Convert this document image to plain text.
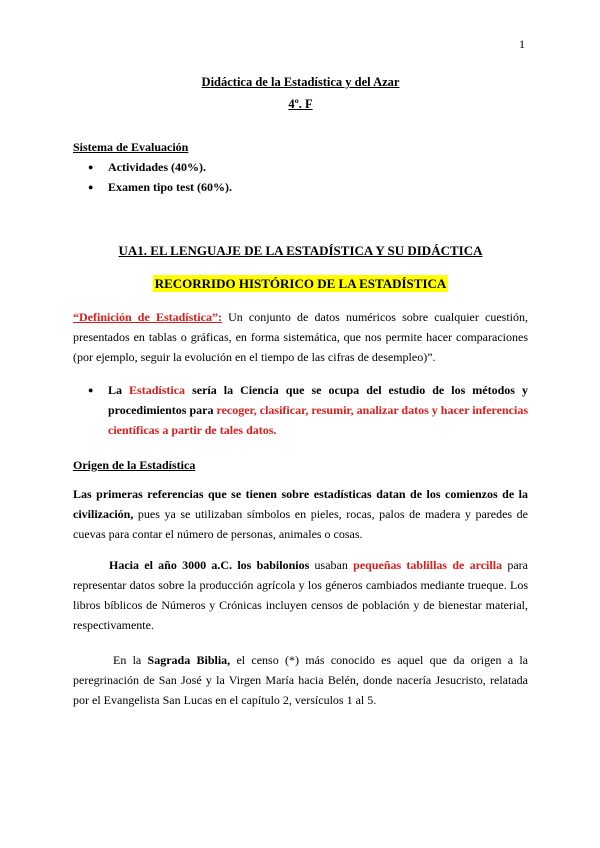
1
Didáctica de la Estadística y del Azar
4º. F
Sistema de Evaluación
● Actividades (40%).
● Examen tipo test (60%).
UA1. EL LENGUAJE DE LA ESTADÍSTICA Y SU DIDÁCTICA
RECORRIDO HISTÓRICO DE LA ESTADÍSTICA
“Definición de Estadística”: Un conjunto de datos numéricos sobre cualquier cuestión, presentados en tablas o gráficas, en forma sistemática, que nos permite hacer comparaciones (por ejemplo, seguir la evolución en el tiempo de las cifras de desempleo)”.
● La Estadística sería la Ciencia que se ocupa del estudio de los métodos y procedimientos para recoger, clasificar, resumir, analizar datos y hacer inferencias científicas a partir de tales datos.
Origen de la Estadística
Las primeras referencias que se tienen sobre estadísticas datan de los comienzos de la civilización, pues ya se utilizaban símbolos en pieles, rocas, palos de madera y paredes de cuevas para contar el número de personas, animales o cosas.
Hacia el año 3000 a.C. los babilonios usaban pequeñas tablillas de arcilla para representar datos sobre la producción agrícola y los géneros cambiados mediante trueque. Los libros bíblicos de Números y Crónicas incluyen censos de población y de bienestar material, respectivamente.
En la Sagrada Biblia, el censo (*) más conocido es aquel que da origen a la peregrinación de San José y la Virgen María hacia Belén, donde nacería Jesucristo, relatada por el Evangelista San Lucas en el capítulo 2, versículos 1 al 5.
